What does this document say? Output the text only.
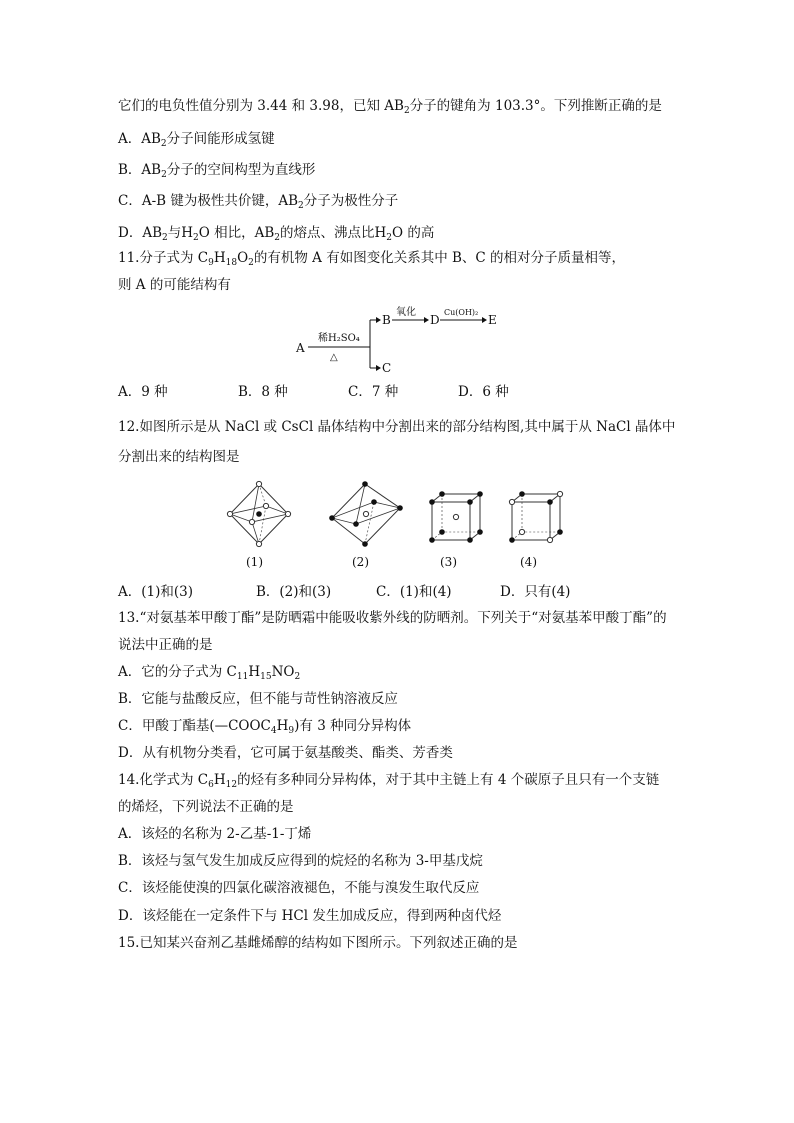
它们的电负性值分别为 3.44 和 3.98，已知 $AB_2$分子的键角为 103.3°。下列推断正确的是
A．$AB_2$分子间能形成氢键
B．$AB_2$分子的空间构型为直线形
C．A-B 键为极性共价键，$AB_2$分子为极性分子
D．$AB_2$与$H_2O$ 相比，$AB_2$的熔点、沸点比$H_2O$ 的高
11.分子式为 $C_9H_{18}O_2$的有机物 A 有如图变化关系其中 B、C 的相对分子质量相等，
则 A 的可能结构有
A
稀H₂SO₄
△
B
C
氧化
D
Cu(OH)₂
E
A．9 种	B．8 种	C．7 种	D．6 种
12.如图所示是从 NaCl 或 CsCl 晶体结构中分割出来的部分结构图,其中属于从 NaCl 晶体中
分割出来的结构图是
(1)	(2)	(3)	(4)
A．(1)和(3)	B．(2)和(3)	C．(1)和(4)	D．只有(4)
13.“对氨基苯甲酸丁酯”是防晒霜中能吸收紫外线的防晒剂。下列关于“对氨基苯甲酸丁酯”的
说法中正确的是
A．它的分子式为 $C_{11}H_{15}NO_2$
B．它能与盐酸反应，但不能与苛性钠溶液反应
C．甲酸丁酯基$(—COOC_4H_9)$有 3 种同分异构体
D．从有机物分类看，它可属于氨基酸类、酯类、芳香类
14.化学式为 $C_6H_{12}$的烃有多种同分异构体，对于其中主链上有 4 个碳原子且只有一个支链
的烯烃，下列说法不正确的是
A．该烃的名称为 2-乙基-1-丁烯
B．该烃与氢气发生加成反应得到的烷烃的名称为 3-甲基戊烷
C．该烃能使溴的四氯化碳溶液褪色，不能与溴发生取代反应
D．该烃能在一定条件下与 HCl 发生加成反应，得到两种卤代烃
15.已知某兴奋剂乙基雌烯醇的结构如下图所示。下列叙述正确的是
